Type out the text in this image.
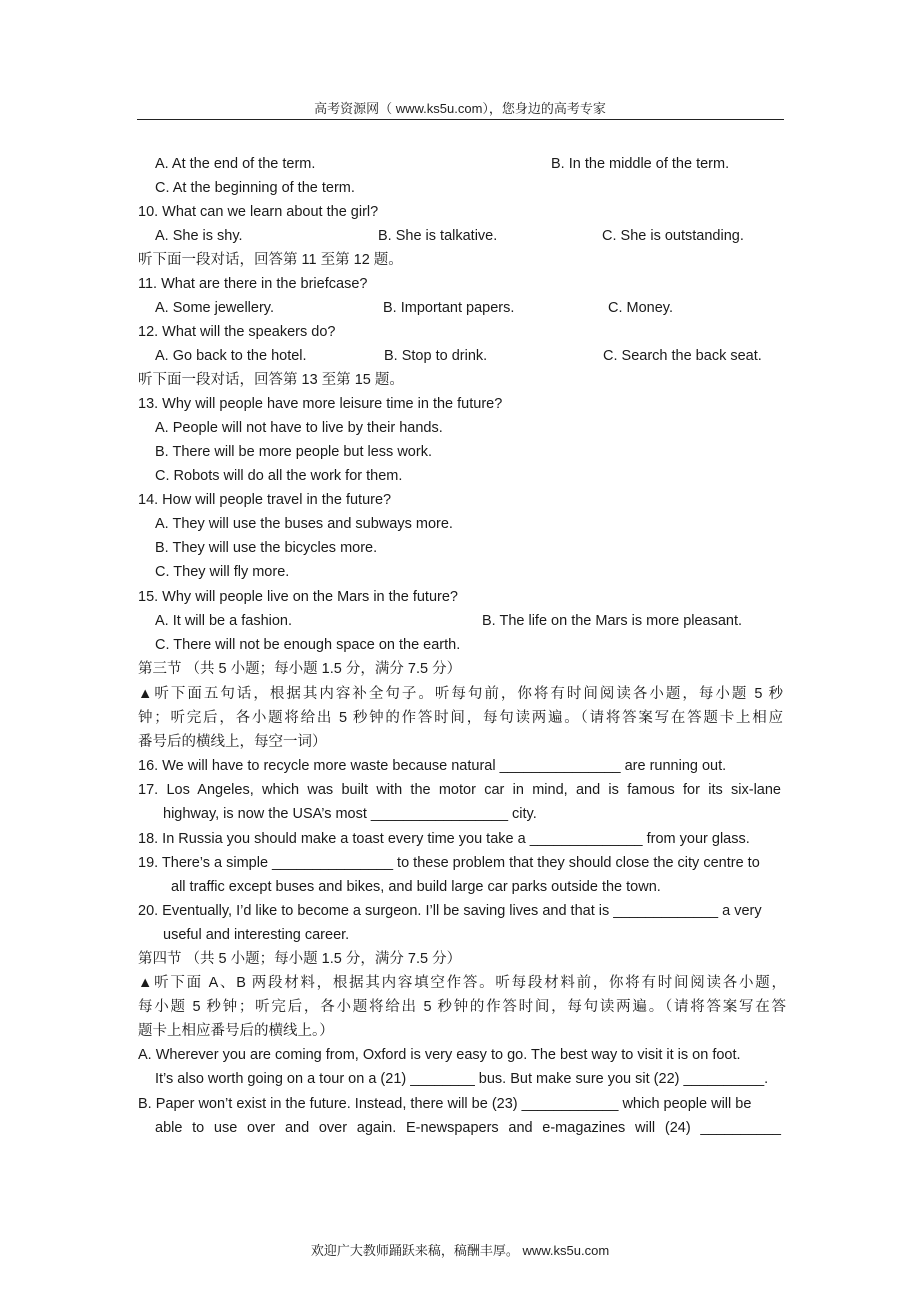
高考资源网（ www.ks5u.com），您身边的高考专家
A. At the end of the term.	B. In the middle of the term.
C. At the beginning of the term.
10. What can we learn about the girl?
A. She is shy.	B. She is talkative.	C. She is outstanding.
听下面一段对话，回答第 11 至第 12 题。
11. What are there in the briefcase?
A. Some jewellery.	B. Important papers.	C. Money.
12. What will the speakers do?
A. Go back to the hotel.	B. Stop to drink.	C. Search the back seat.
听下面一段对话，回答第 13 至第 15 题。
13. Why will people have more leisure time in the future?
A. People will not have to live by their hands.
B. There will be more people but less work.
C. Robots will do all the work for them.
14. How will people travel in the future?
A. They will use the buses and subways more.
B. They will use the bicycles more.
C. They will fly more.
15. Why will people live on the Mars in the future?
A. It will be a fashion.	B. The life on the Mars is more pleasant.
C. There will not be enough space on the earth.
第三节 （共 5 小题；每小题 1.5 分，满分 7.5 分）
▲听下面五句话，根据其内容补全句子。听每句前，你将有时间阅读各小题，每小题 5 秒
钟；听完后，各小题将给出 5 秒钟的作答时间，每句读两遍。（请将答案写在答题卡上相应
番号后的横线上，每空一词）
16. We will have to recycle more waste because natural _______________ are running out.
17. Los Angeles, which was built with the motor car in mind, and is famous for its six-lane
highway, is now the USA’s most _________________ city.
18. In Russia you should make a toast every time you take a ______________ from your glass.
19. There’s a simple _______________ to these problem that they should close the city centre to
all traffic except buses and bikes, and build large car parks outside the town.
20. Eventually, I’d like to become a surgeon. I’ll be saving lives and that is _____________ a very
useful and interesting career.
第四节 （共 5 小题；每小题 1.5 分，满分 7.5 分）
▲听下面 A、B 两段材料，根据其内容填空作答。听每段材料前，你将有时间阅读各小题，
每小题 5 秒钟；听完后，各小题将给出 5 秒钟的作答时间，每句读两遍。（请将答案写在答
题卡上相应番号后的横线上。）
A. Wherever you are coming from, Oxford is very easy to go. The best way to visit it is on foot.
It’s also worth going on a tour on a (21) ________ bus. But make sure you sit (22) __________.
B. Paper won’t exist in the future. Instead, there will be (23) ____________ which people will be
able to use over and over again. E-newspapers and e-magazines will (24) __________
欢迎广大教师踊跃来稿，稿酬丰厚。 www.ks5u.com
